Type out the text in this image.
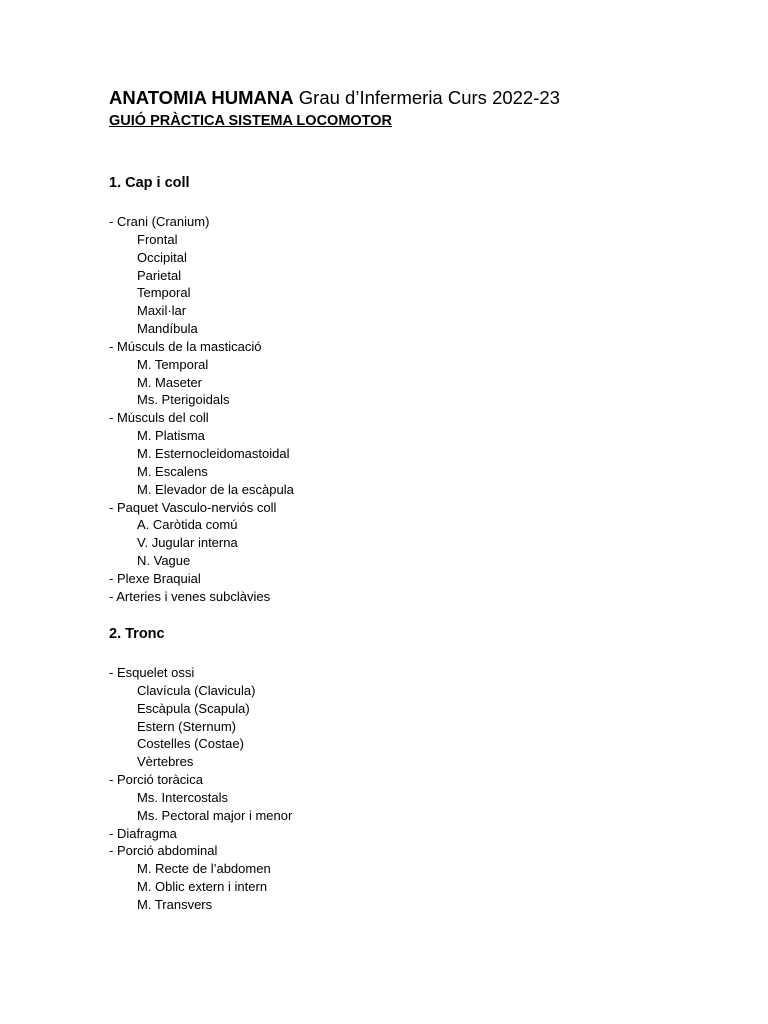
ANATOMIA HUMANA Grau d’Infermeria Curs 2022-23
GUIÓ PRÀCTICA SISTEMA LOCOMOTOR
1. Cap i coll
- Crani (Cranium)
Frontal
Occipital
Parietal
Temporal
Maxil·lar
Mandíbula
- Músculs de la masticació
M. Temporal
M. Maseter
Ms. Pterigoidals
- Músculs del coll
M. Platisma
M. Esternocleidomastoidal
M. Escalens
M. Elevador de la escàpula
- Paquet Vasculo-nerviós coll
A. Caròtida comú
V. Jugular interna
N. Vague
- Plexe Braquial
- Arteries i venes subclàvies
2. Tronc
- Esquelet ossi
Clavícula (Clavicula)
Escàpula (Scapula)
Estern (Sternum)
Costelles (Costae)
Vèrtebres
- Porció toràcica
Ms. Intercostals
Ms. Pectoral major i menor
- Diafragma
- Porció abdominal
M. Recte de l’abdomen
M. Oblic extern i intern
M. Transvers
